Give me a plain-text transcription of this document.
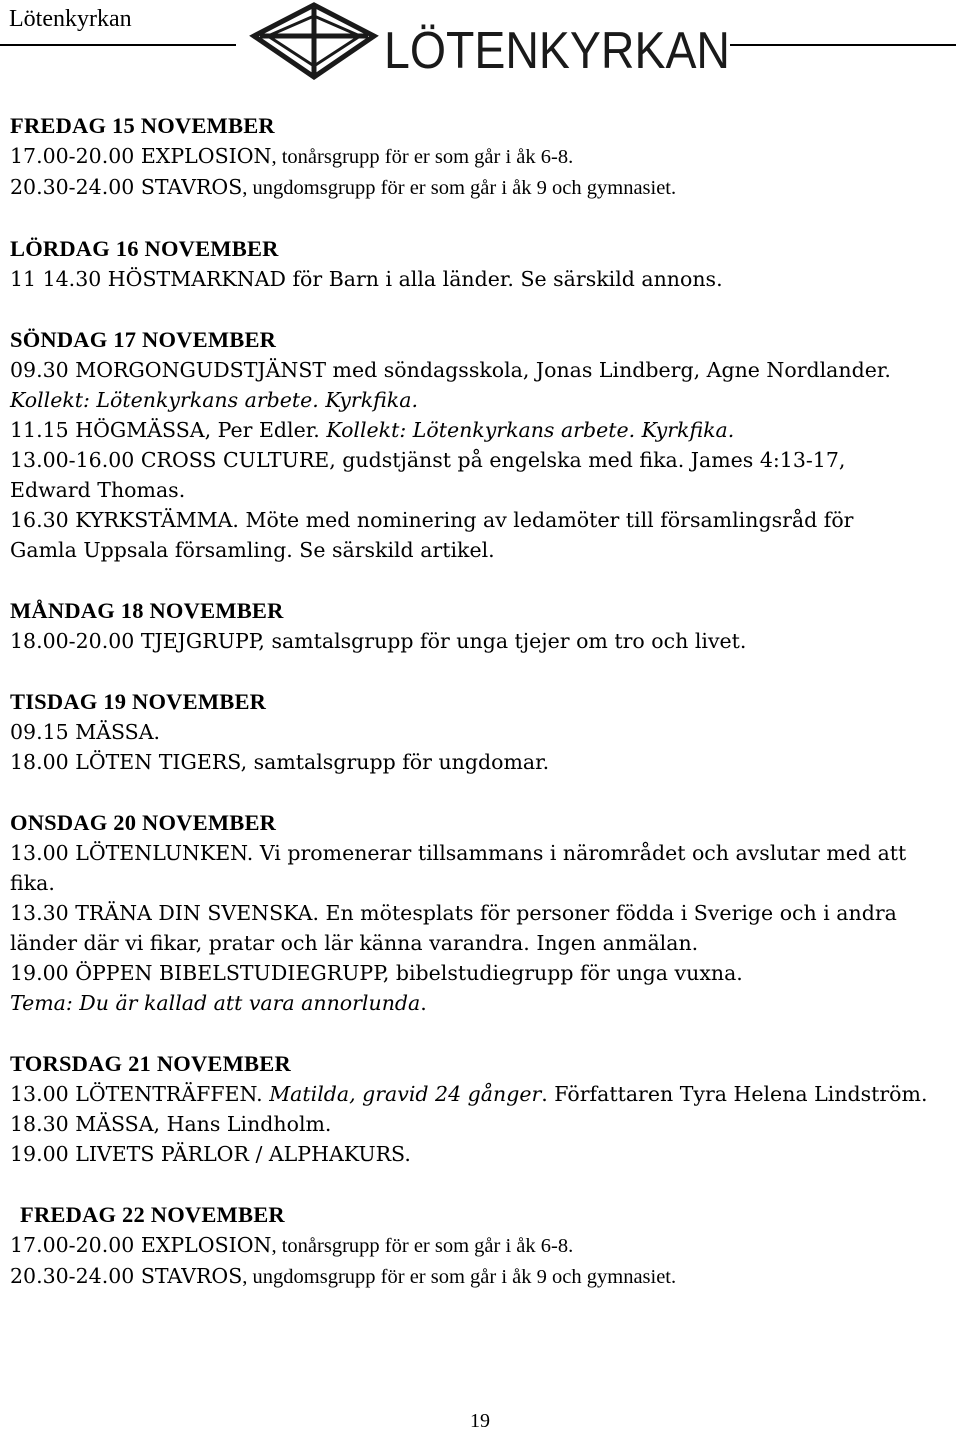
Lötenkyrkan
LÖTENKYRKAN
FREDAG 15 NOVEMBER
17.00-20.00 EXPLOSION, tonårsgrupp för er som går i åk 6-8.
20.30-24.00 STAVROS, ungdomsgrupp för er som går i åk 9 och gymnasiet.
LÖRDAG 16 NOVEMBER
11 14.30 HÖSTMARKNAD för Barn i alla länder. Se särskild annons.
SÖNDAG 17 NOVEMBER
09.30 MORGONGUDSTJÄNST med söndagsskola, Jonas Lindberg, Agne Nordlander.
Kollekt: Lötenkyrkans arbete. Kyrkfika.
11.15 HÖGMÄSSA, Per Edler. Kollekt: Lötenkyrkans arbete. Kyrkfika.
13.00-16.00 CROSS CULTURE, gudstjänst på engelska med fika. James 4:13-17,
Edward Thomas.
16.30 KYRKSTÄMMA. Möte med nominering av ledamöter till församlingsråd för
Gamla Uppsala församling. Se särskild artikel.
MÅNDAG 18 NOVEMBER
18.00-20.00 TJEJGRUPP, samtalsgrupp för unga tjejer om tro och livet.
TISDAG 19 NOVEMBER
09.15 MÄSSA.
18.00 LÖTEN TIGERS, samtalsgrupp för ungdomar.
ONSDAG 20 NOVEMBER
13.00 LÖTENLUNKEN. Vi promenerar tillsammans i närområdet och avslutar med att
fika.
13.30 TRÄNA DIN SVENSKA. En mötesplats för personer födda i Sverige och i andra
länder där vi fikar, pratar och lär känna varandra. Ingen anmälan.
19.00 ÖPPEN BIBELSTUDIEGRUPP, bibelstudiegrupp för unga vuxna.
Tema: Du är kallad att vara annorlunda.
TORSDAG 21 NOVEMBER
13.00 LÖTENTRÄFFEN. Matilda, gravid 24 gånger. Författaren Tyra Helena Lindström.
18.30 MÄSSA, Hans Lindholm.
19.00 LIVETS PÄRLOR / ALPHAKURS.
FREDAG 22 NOVEMBER
17.00-20.00 EXPLOSION, tonårsgrupp för er som går i åk 6-8.
20.30-24.00 STAVROS, ungdomsgrupp för er som går i åk 9 och gymnasiet.
19
